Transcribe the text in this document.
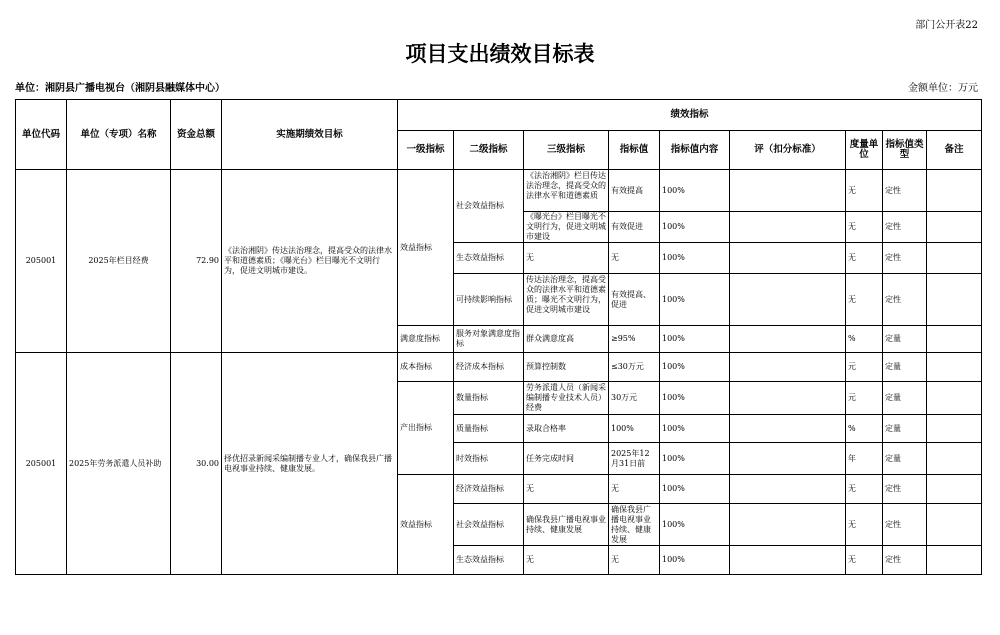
部门公开表22
项目支出绩效目标表
单位：湘阴县广播电视台（湘阴县融媒体中心）	金额单位：万元
单位代码	单位（专项）名称	资金总额	实施期绩效目标	绩效指标								
				一级指标	二级指标	三级指标	指标值	指标值内容	评（扣分标准）	度量单位	指标值类型	备注
205001	2025年栏目经费	72.90	《法治湘阴》传达法治理念，提高受众的法律水平和道德素质；《曝光台》栏目曝光不文明行为，促进文明城市建设。	效益指标	社会效益指标	《法治湘阴》栏目传达法治理念，提高受众的法律水平和道德素质	有效提高	100%		无	定性	

						《曝光台》栏目曝光不文明行为，促进文明城市建设	有效促进	100%		无	定性	
					生态效益指标	无	无	100%		无	定性	
					可持续影响指标	传达法治理念，提高受众的法律水平和道德素质；曝光不文明行为，促进文明城市建设	有效提高、促进	100%		无	定性	
				满意度指标	服务对象满意度指标	群众满意度高	≥95%	100%		%	定量	
205001	2025年劳务派遣人员补助	30.00	择优招录新闻采编制播专业人才，确保我县广播电视事业持续、健康发展。	成本指标	经济成本指标	预算控制数	≤30万元	100%		元	定量	
				产出指标	数量指标	劳务派遣人员（新闻采编制播专业技术人员）经费	30万元	100%		元	定量	
					质量指标	录取合格率	100%	100%		%	定量	
					时效指标	任务完成时间	2025年12月31日前	100%		年	定量	
				效益指标	经济效益指标	无	无	100%		无	定性	
					社会效益指标	确保我县广播电视事业持续、健康发展	确保我县广播电视事业持续、健康发展	100%		无	定性	
					生态效益指标	无	无	100%		无	定性	
